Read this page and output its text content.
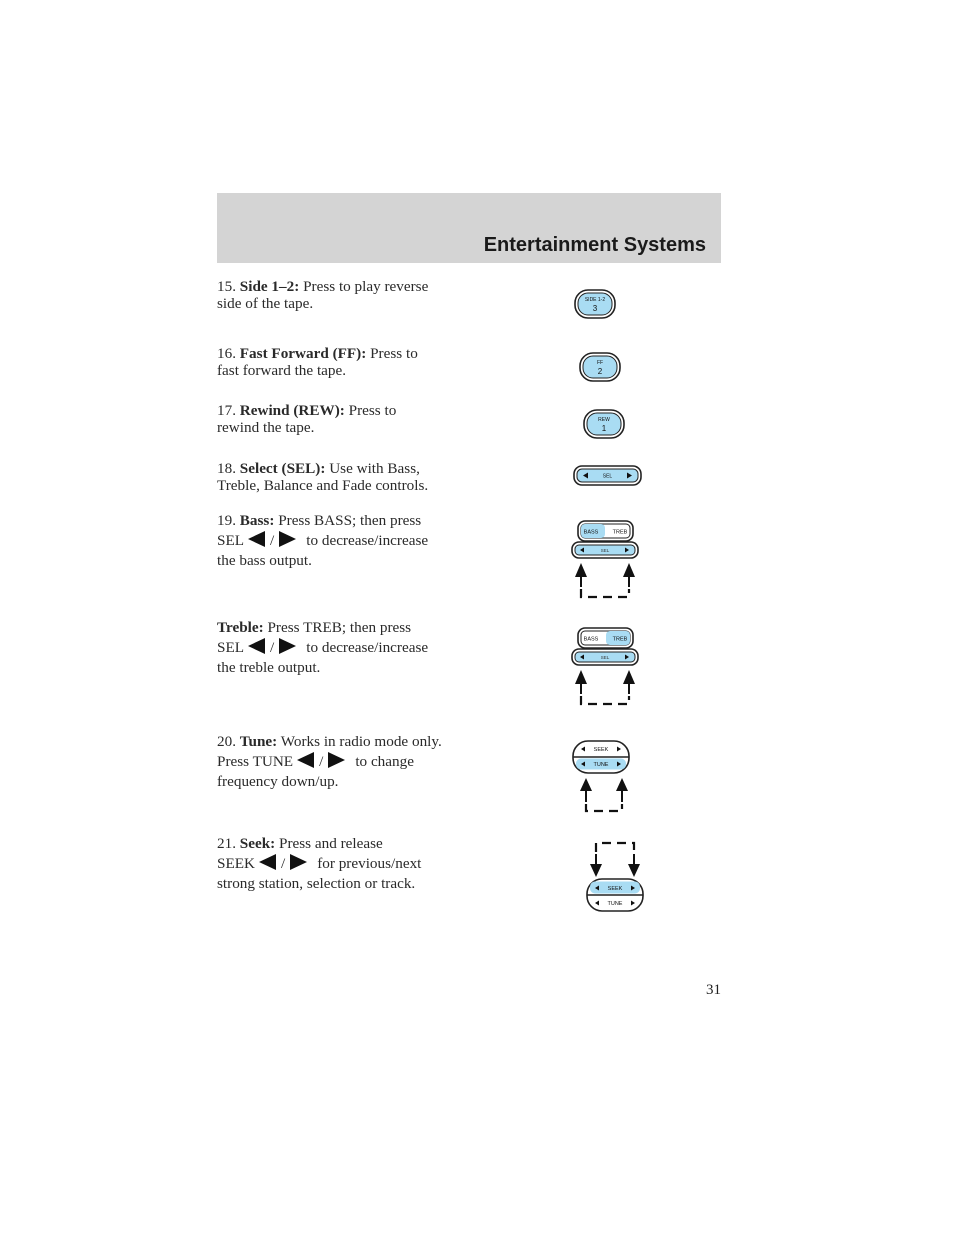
Entertainment Systems
15. Side 1–2: Press to play reverse
side of the tape.	SIDE 1-2
3
16. Fast Forward (FF): Press to
fast forward the tape.	FF
2
17. Rewind (REW): Press to
rewind the tape.	REW
1
18. Select (SEL): Use with Bass,
Treble, Balance and Fade controls.
SEL
19. Bass: Press BASS; then press
SEL / to decrease/increase
the bass output.
BASS	TREB
SEL
Treble: Press TREB; then press
SEL / to decrease/increase
the treble output.
BASS	TREB
SEL
20. Tune: Works in radio mode only.
Press TUNE / to change
frequency down/up.
SEEK
TUNE
21. Seek: Press and release
SEEK / for previous/next
strong station, selection or track.	SEEK
TUNE
31
